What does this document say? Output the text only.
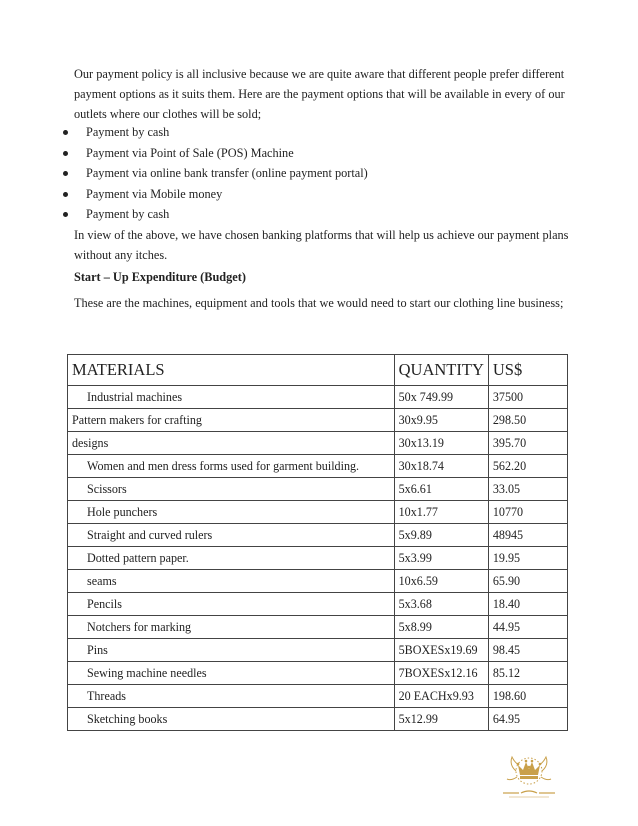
Our payment policy is all inclusive because we are quite aware that different people prefer different payment options as it suits them. Here are the payment options that will be available in every of our outlets where our clothes will be sold;
Payment by cash
Payment via Point of Sale (POS) Machine
Payment via online bank transfer (online payment portal)
Payment via Mobile money
Payment by cash
In view of the above, we have chosen banking platforms that will help us achieve our payment plans without any itches.
Start – Up Expenditure (Budget)
These are the machines, equipment and tools that we would need to start our clothing line business;
MATERIALS	QUANTITY	US$
Industrial machines	50x 749.99	37500
Pattern makers for crafting	30x9.95	298.50
designs	30x13.19	395.70
Women and men dress forms used for garment building.	30x18.74	562.20
Scissors	5x6.61	33.05
Hole punchers	10x1.77	10770
Straight and curved rulers	5x9.89	48945
Dotted pattern paper.	5x3.99	19.95
seams	10x6.59	65.90
Pencils	5x3.68	18.40
Notchers for marking	5x8.99	44.95
Pins	5BOXESx19.69	98.45
Sewing machine needles	7BOXESx12.16	85.12
Threads	20 EACHx9.93	198.60
Sketching books	5x12.99	64.95
